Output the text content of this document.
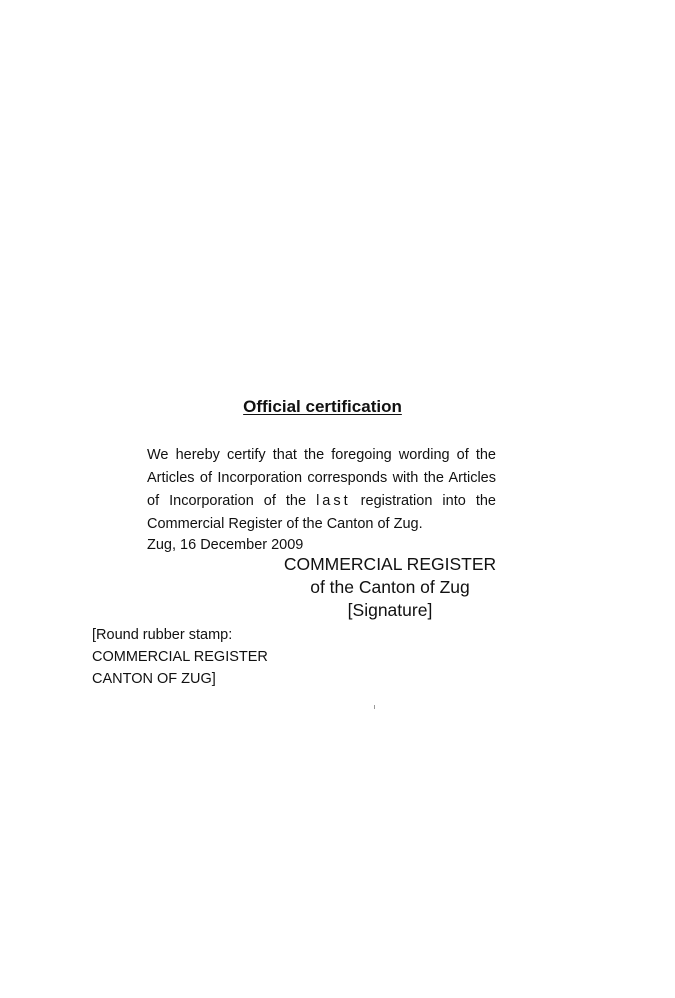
Official certification

We hereby certify that the foregoing wording of the Articles of Incorporation corresponds with the Articles of Incorporation of the last registration into the Commercial Register of the Canton of Zug.

Zug, 16 December 2009

COMMERCIAL REGISTER
of the Canton of Zug
[Signature]
[Round rubber stamp:
COMMERCIAL REGISTER
CANTON OF ZUG]
